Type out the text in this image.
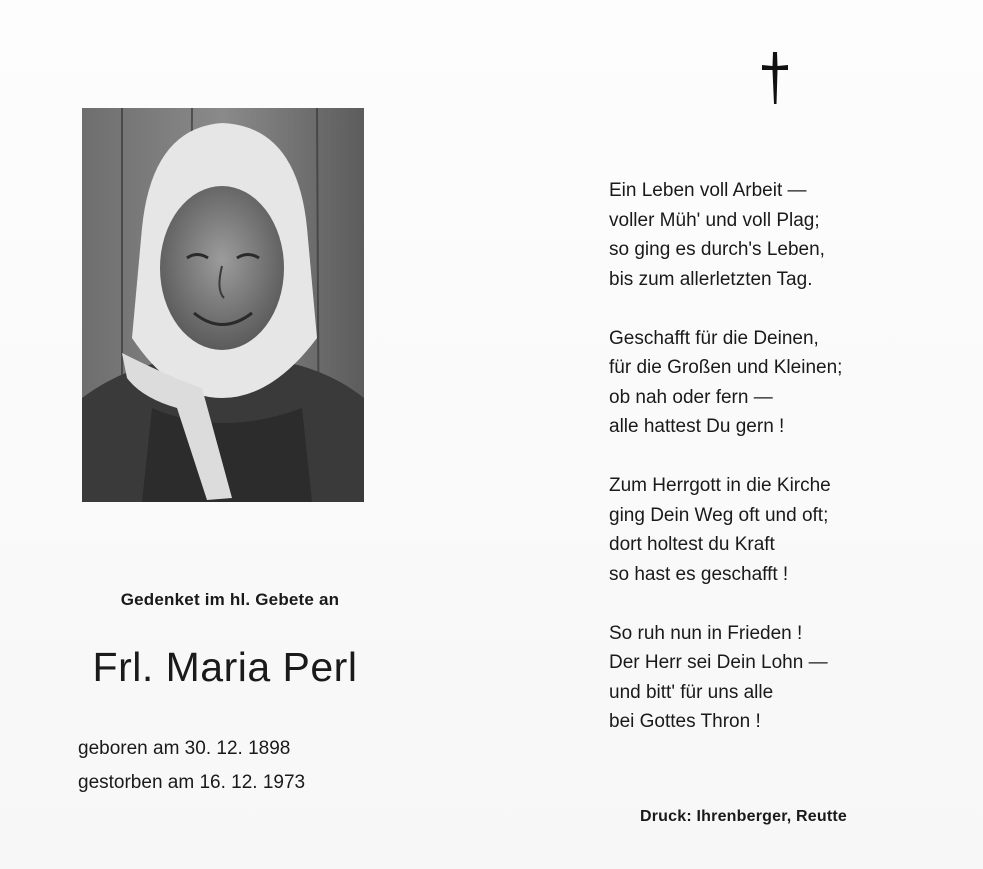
Gedenket im hl. Gebete an
Frl. Maria Perl
geboren am 30. 12. 1898
gestorben am 16. 12. 1973
Ein Leben voll Arbeit —
voller Müh' und voll Plag;
so ging es durch's Leben,
bis zum allerletzten Tag.
Geschafft für die Deinen,
für die Großen und Kleinen;
ob nah oder fern —
alle hattest Du gern !
Zum Herrgott in die Kirche
ging Dein Weg oft und oft;
dort holtest du Kraft
so hast es geschafft !
So ruh nun in Frieden !
Der Herr sei Dein Lohn —
und bitt' für uns alle
bei Gottes Thron !
Druck: Ihrenberger, Reutte
